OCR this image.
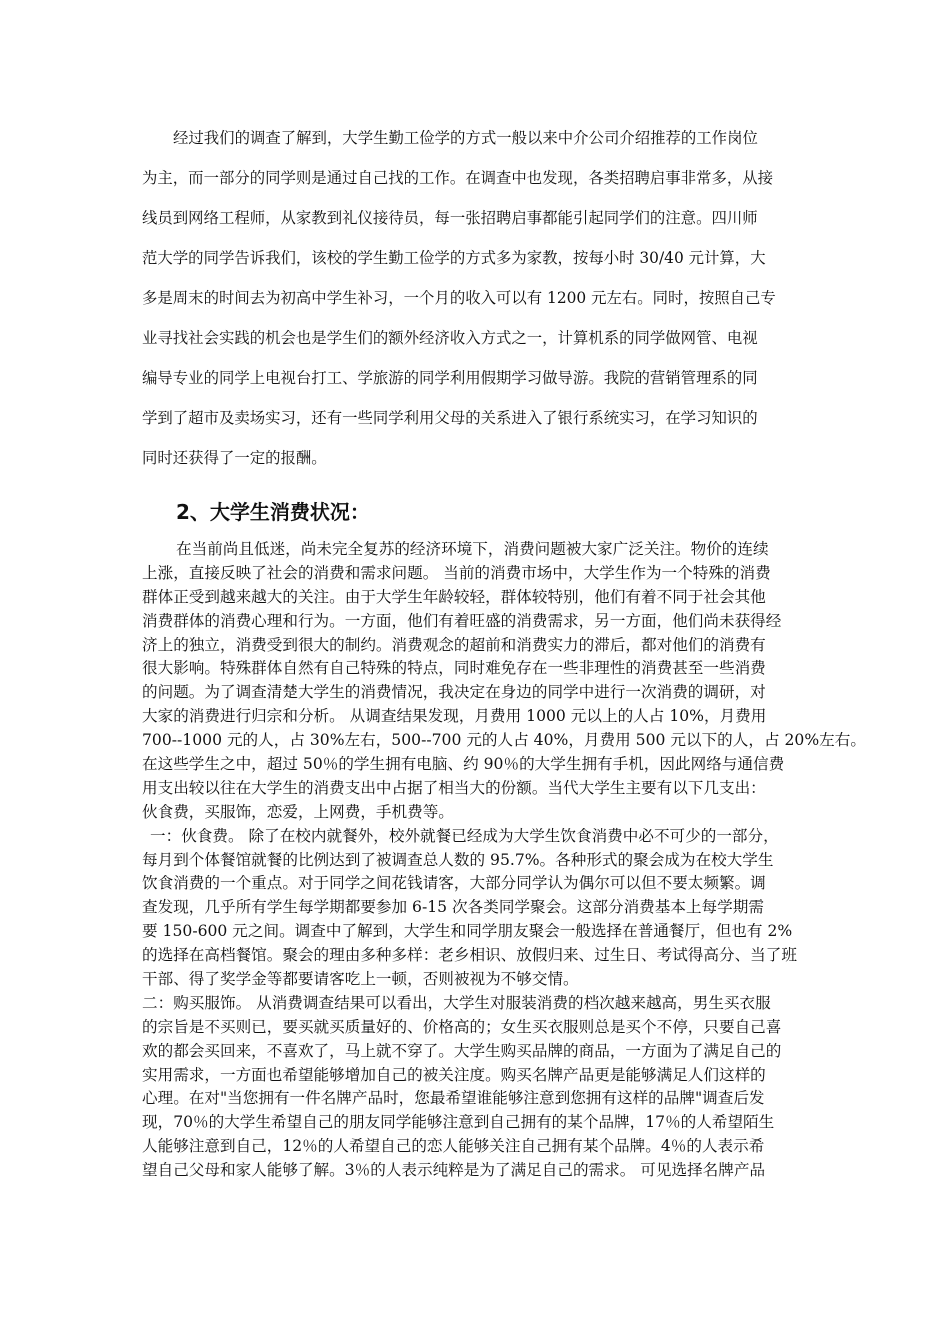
经过我们的调查了解到，大学生勤工俭学的方式一般以来中介公司介绍推荐的工作岗位
为主，而一部分的同学则是通过自己找的工作。在调查中也发现，各类招聘启事非常多，从接
线员到网络工程师，从家教到礼仪接待员，每一张招聘启事都能引起同学们的注意。四川师
范大学的同学告诉我们，该校的学生勤工俭学的方式多为家教，按每小时 30/40 元计算，大
多是周末的时间去为初高中学生补习，一个月的收入可以有 1200 元左右。同时，按照自己专
业寻找社会实践的机会也是学生们的额外经济收入方式之一，计算机系的同学做网管、电视
编导专业的同学上电视台打工、学旅游的同学利用假期学习做导游。我院的营销管理系的同
学到了超市及卖场实习，还有一些同学利用父母的关系进入了银行系统实习，在学习知识的
同时还获得了一定的报酬。
2、大学生消费状况：
在当前尚且低迷，尚未完全复苏的经济环境下，消费问题被大家广泛关注。物价的连续
上涨，直接反映了社会的消费和需求问题。 当前的消费市场中，大学生作为一个特殊的消费
群体正受到越来越大的关注。由于大学生年龄较轻，群体较特别，他们有着不同于社会其他
消费群体的消费心理和行为。一方面，他们有着旺盛的消费需求，另一方面，他们尚未获得经
济上的独立，消费受到很大的制约。消费观念的超前和消费实力的滞后，都对他们的消费有
很大影响。特殊群体自然有自己特殊的特点，同时难免存在一些非理性的消费甚至一些消费
的问题。为了调查清楚大学生的消费情况，我决定在身边的同学中进行一次消费的调研，对
大家的消费进行归宗和分析。 从调查结果发现，月费用 1000 元以上的人占 10%，月费用
700--1000 元的人，占 30%左右，500--700 元的人占 40%，月费用 500 元以下的人，占 20%左右。
在这些学生之中，超过 50％的学生拥有电脑、约 90％的大学生拥有手机，因此网络与通信费
用支出较以往在大学生的消费支出中占据了相当大的份额。当代大学生主要有以下几支出：
伙食费，买服饰，恋爱，上网费，手机费等。
一：伙食费。 除了在校内就餐外，校外就餐已经成为大学生饮食消费中必不可少的一部分，
每月到个体餐馆就餐的比例达到了被调查总人数的 95.7%。各种形式的聚会成为在校大学生
饮食消费的一个重点。对于同学之间花钱请客，大部分同学认为偶尔可以但不要太频繁。调
查发现，几乎所有学生每学期都要参加 6-15 次各类同学聚会。这部分消费基本上每学期需
要 150-600 元之间。调查中了解到，大学生和同学朋友聚会一般选择在普通餐厅，但也有 2%
的选择在高档餐馆。聚会的理由多种多样：老乡相识、放假归来、过生日、考试得高分、当了班
干部、得了奖学金等都要请客吃上一顿，否则被视为不够交情。
二：购买服饰。 从消费调查结果可以看出，大学生对服装消费的档次越来越高，男生买衣服
的宗旨是不买则已，要买就买质量好的、价格高的；女生买衣服则总是买个不停，只要自己喜
欢的都会买回来，不喜欢了，马上就不穿了。大学生购买品牌的商品，一方面为了满足自己的
实用需求，一方面也希望能够增加自己的被关注度。购买名牌产品更是能够满足人们这样的
心理。在对"当您拥有一件名牌产品时，您最希望谁能够注意到您拥有这样的品牌"调查后发
现，70％的大学生希望自己的朋友同学能够注意到自己拥有的某个品牌，17％的人希望陌生
人能够注意到自己，12％的人希望自己的恋人能够关注自己拥有某个品牌。4％的人表示希
望自己父母和家人能够了解。3％的人表示纯粹是为了满足自己的需求。 可见选择名牌产品
